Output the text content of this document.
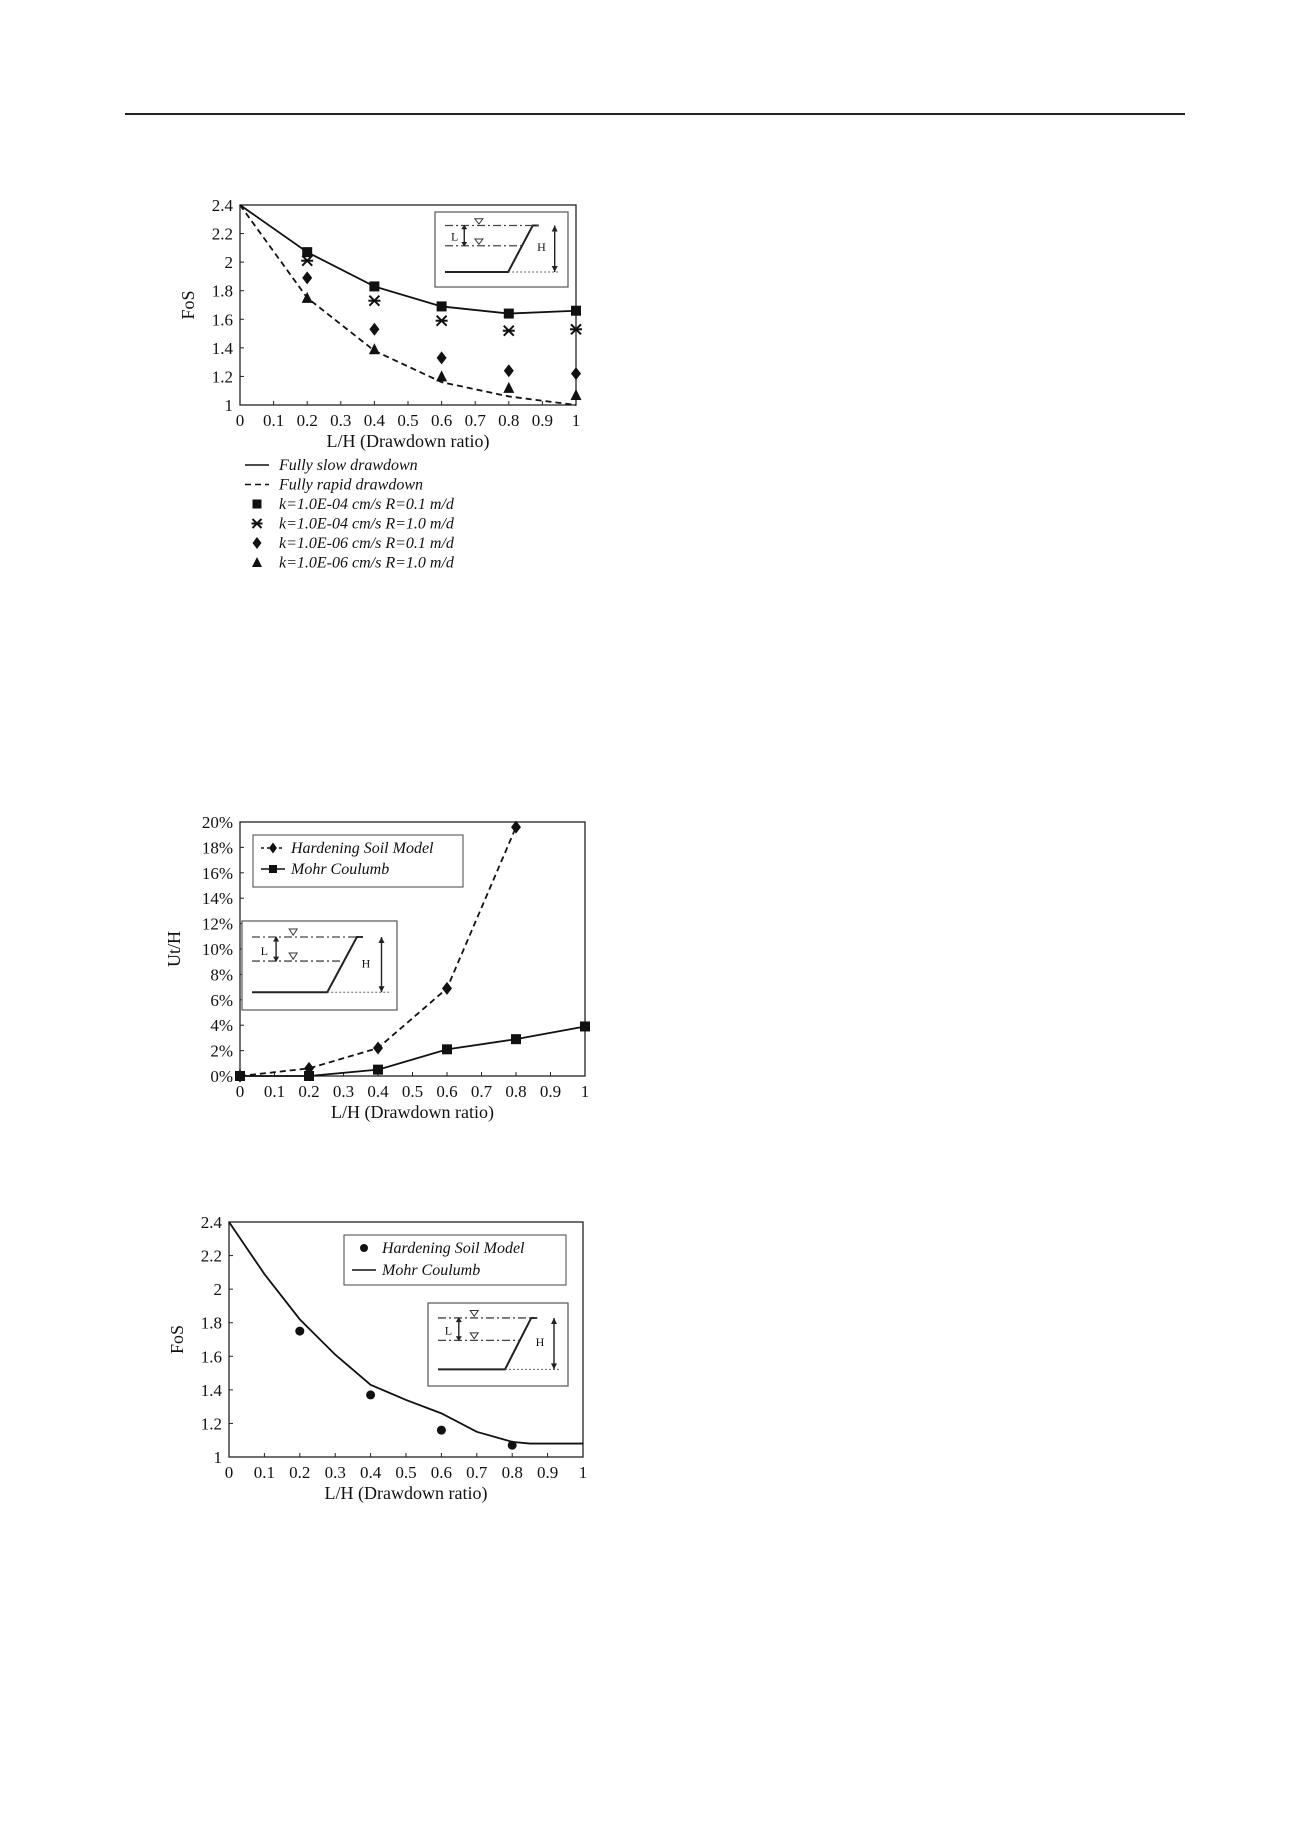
0 0.1 0.2 0.3 0.4 0.5 0.6 0.7 0.8 0.9 1
1
1.2
1.4
1.6
1.8
2
2.2
2.4
L/H (Drawdown ratio)
FoS
L
H
Fully slow drawdown
Fully rapid drawdown
k=1.0E-04 cm/s R=0.1 m/d
k=1.0E-04 cm/s R=1.0 m/d
k=1.0E-06 cm/s R=0.1 m/d
k=1.0E-06 cm/s R=1.0 m/d
0 0.1 0.2 0.3 0.4 0.5 0.6 0.7 0.8 0.9 1
0%
2%
4%
6%
8%
10%
12%
14%
16%
18%
20%
L/H (Drawdown ratio)
Ut/H	L
H
Hardening Soil Model
Mohr Coulumb
0 0.1 0.2 0.3 0.4 0.5 0.6 0.7 0.8 0.9 1
1
1.2
1.4
1.6
1.8
2
2.2
2.4
L/H (Drawdown ratio)
FoS	L
H
Hardening Soil Model
Mohr Coulumb
